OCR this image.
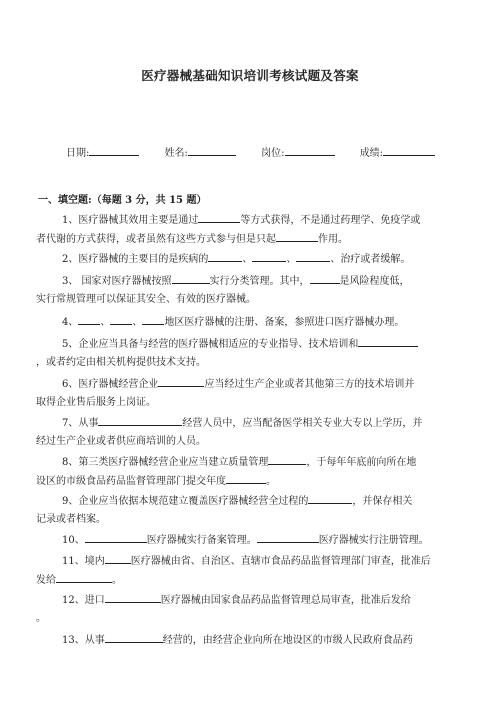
医疗器械基础知识培训考核试题及答案
日期:	姓名:	岗位:	成绩:
一、填空题:（每题 3 分，共 15 题）
1、医疗器械其效用主要是通过	等方式获得，不是通过药理学、免疫学或
者代谢的方式获得，或者虽然有这些方式参与但是只起	作用。
2、医疗器械的主要目的是疾病的	、	、	、治疗或者缓解。
3、 国家对医疗器械按照	实行分类管理。其中，	是风险程度低，
实行常规管理可以保证其安全、有效的医疗器械。
4、 、 、 地区医疗器械的注册、备案，参照进口医疗器械办理。
5、企业应当具备与经营的医疗器械相适应的专业指导、技术培训和
，或者约定由相关机构提供技术支持。
6、医疗器械经营企业	应当经过生产企业或者其他第三方的技术培训并
取得企业售后服务上岗证。
7、从事	经营人员中，应当配备医学相关专业大专以上学历，并
经过生产企业或者供应商培训的人员。
8、第三类医疗器械经营企业应当建立质量管理	，于每年年底前向所在地
设区的市级食品药品监督管理部门提交年度	。
9、企业应当依据本规范建立覆盖医疗器械经营全过程的	，并保存相关
记录或者档案。
10、	医疗器械实行备案管理。	医疗器械实行注册管理。
11、境内	医疗器械由省、自治区、直辖市食品药品监督管理部门审查，批准后
发给	。
12、进口	医疗器械由国家食品药品监督管理总局审查，批准后发给
。
13、从事	经营的，由经营企业向所在地设区的市级人民政府食品药
